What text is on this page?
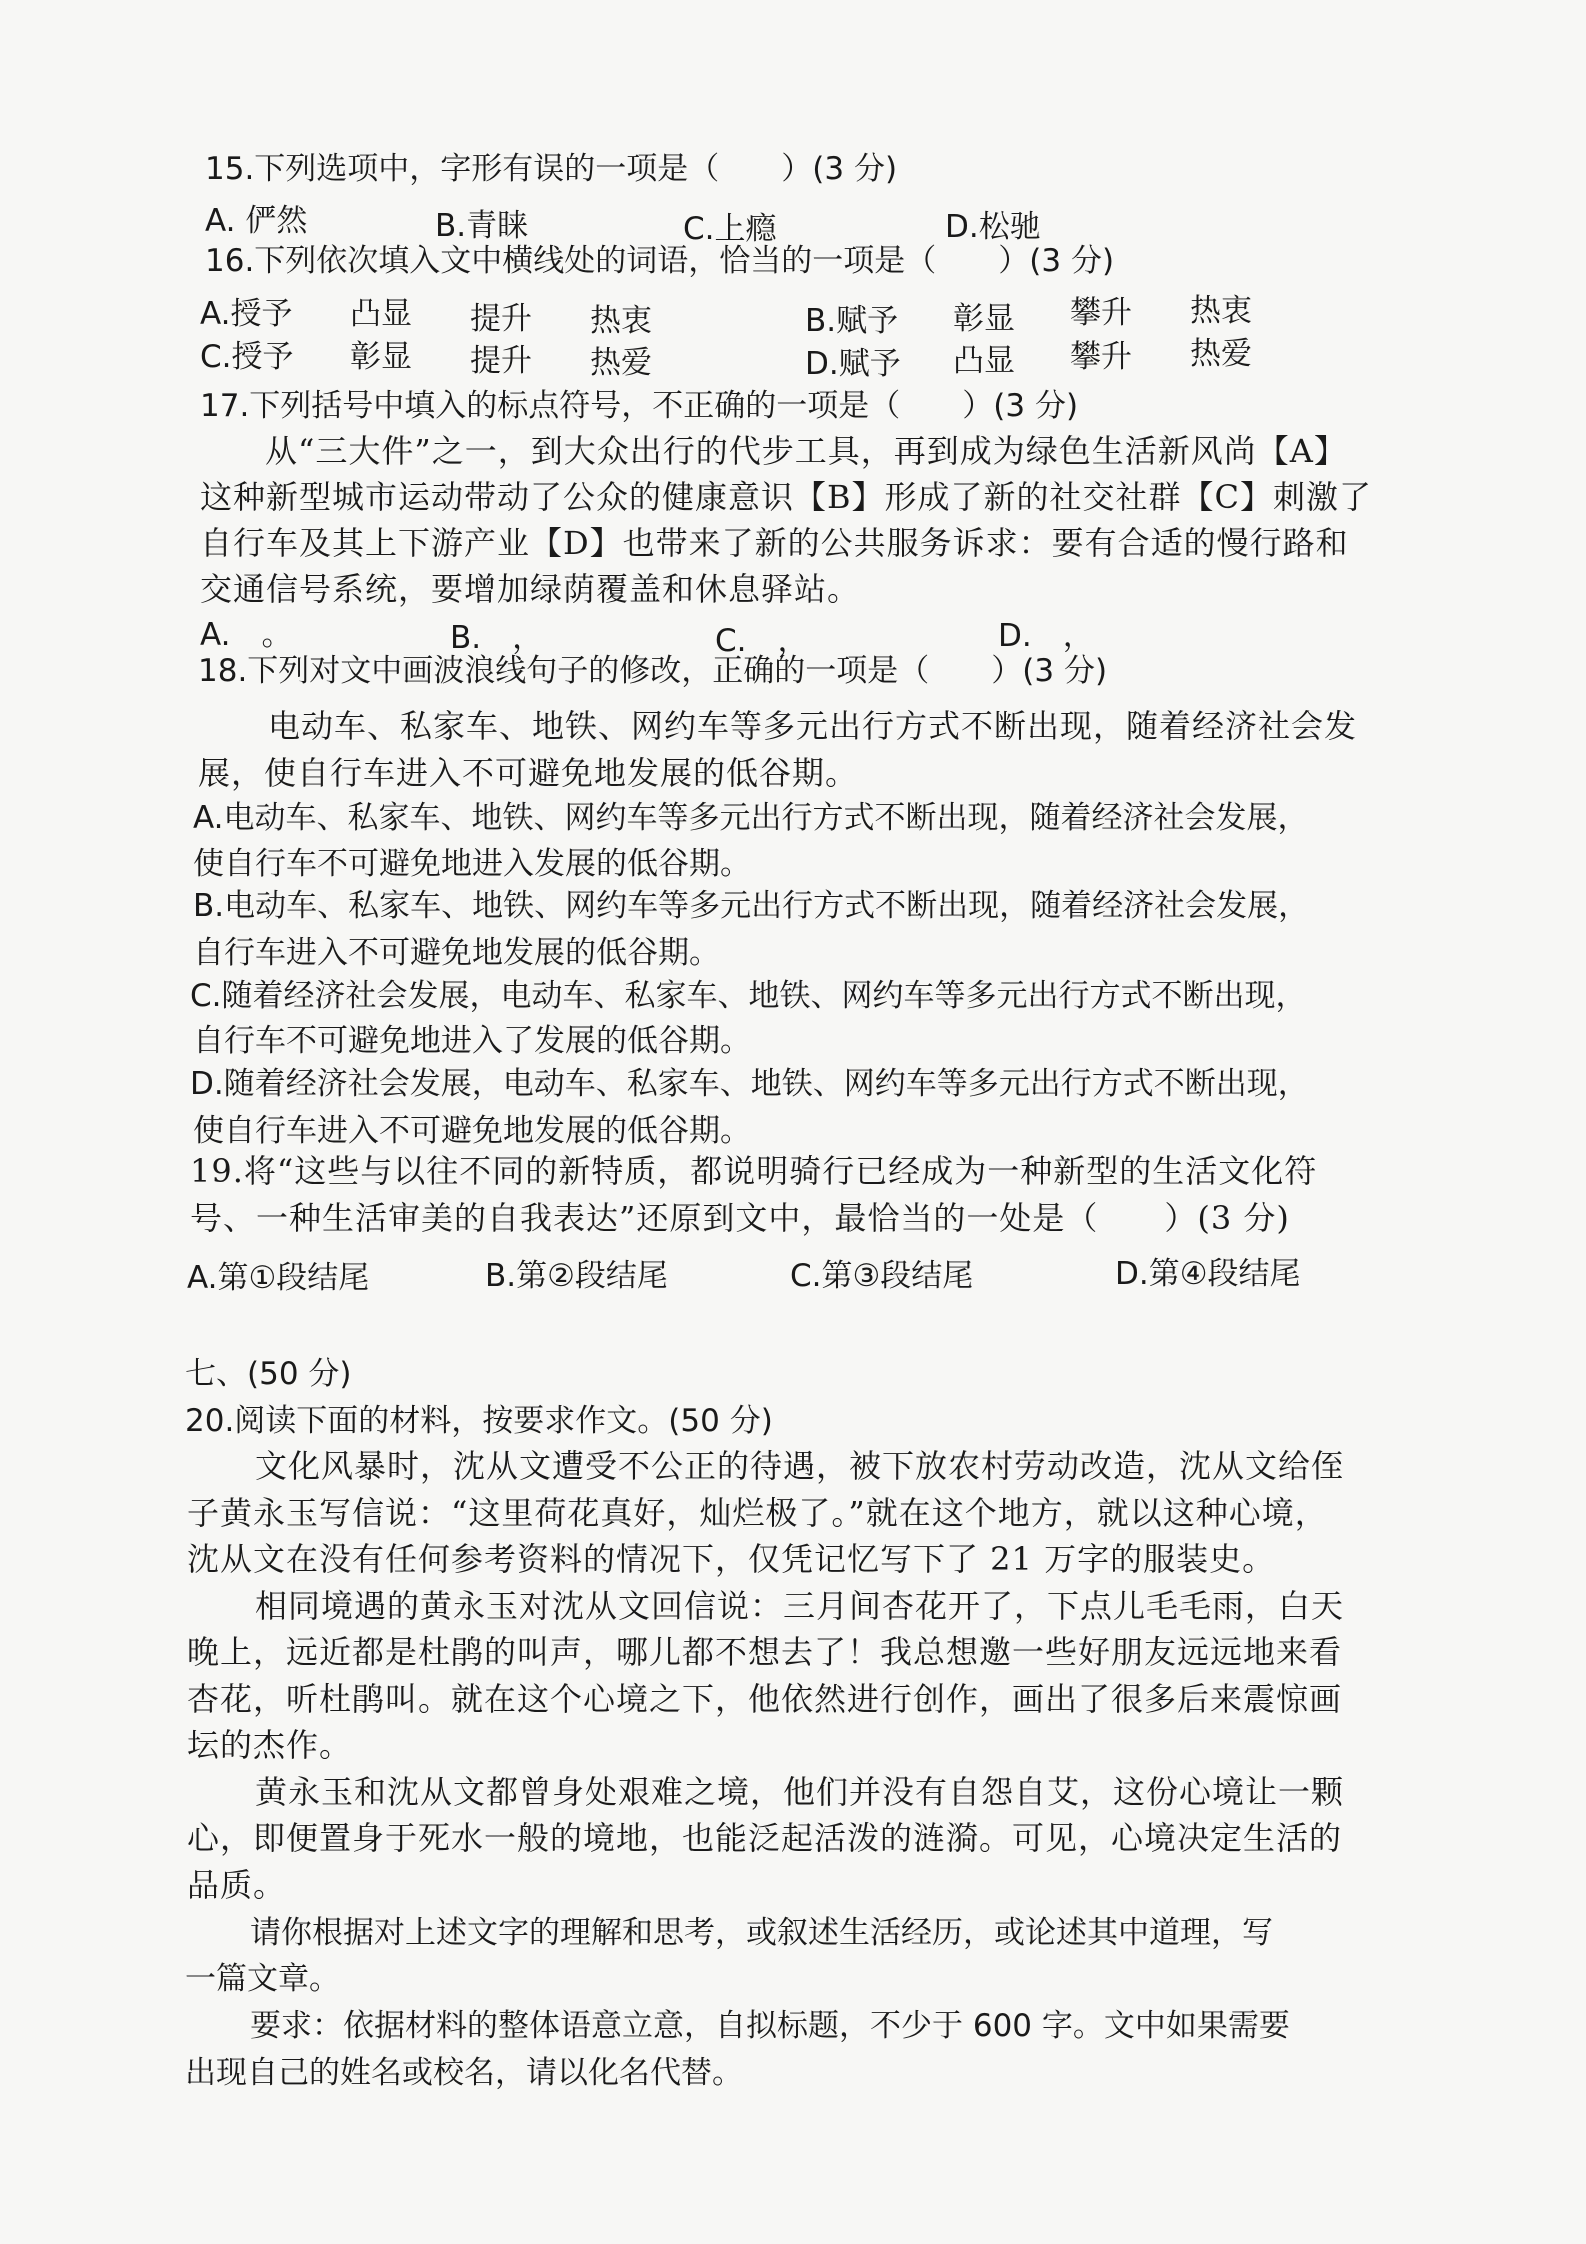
15.下列选项中，字形有误的一项是（　　）(3 分)
A. 俨然	B.青睐	C.上瘾	D.松驰
16.下列依次填入文中横线处的词语，恰当的一项是（　　）(3 分)
A.授予 凸显 提升 热衷	B.赋予 彰显 攀升 热衷
C.授予 彰显 提升 热爱	D.赋予 凸显 攀升 热爱
17.下列括号中填入的标点符号，不正确的一项是（　　）(3 分)
从“三大件”之一，到大众出行的代步工具，再到成为绿色生活新风尚【A】
这种新型城市运动带动了公众的健康意识【B】形成了新的社交社群【C】刺激了
自行车及其上下游产业【D】也带来了新的公共服务诉求：要有合适的慢行路和
交通信号系统，要增加绿荫覆盖和休息驿站。
A.　。	B.　，	C.　，	D.　，
18.下列对文中画波浪线句子的修改，正确的一项是（　　）(3 分)
电动车、私家车、地铁、网约车等多元出行方式不断出现，随着经济社会发
展，使自行车进入不可避免地发展的低谷期。
A.电动车、私家车、地铁、网约车等多元出行方式不断出现，随着经济社会发展，
使自行车不可避免地进入发展的低谷期。
B.电动车、私家车、地铁、网约车等多元出行方式不断出现，随着经济社会发展，
自行车进入不可避免地发展的低谷期。
C.随着经济社会发展，电动车、私家车、地铁、网约车等多元出行方式不断出现，
自行车不可避免地进入了发展的低谷期。
D.随着经济社会发展，电动车、私家车、地铁、网约车等多元出行方式不断出现，
使自行车进入不可避免地发展的低谷期。
19.将“这些与以往不同的新特质，都说明骑行已经成为一种新型的生活文化符
号、一种生活审美的自我表达”还原到文中，最恰当的一处是（　　）(3 分)
A.第①段结尾	B.第②段结尾	C.第③段结尾	D.第④段结尾
七、(50 分)
20.阅读下面的材料，按要求作文。(50 分)
文化风暴时，沈从文遭受不公正的待遇，被下放农村劳动改造，沈从文给侄
子黄永玉写信说：“这里荷花真好，灿烂极了。”就在这个地方，就以这种心境，
沈从文在没有任何参考资料的情况下，仅凭记忆写下了 21 万字的服装史。
相同境遇的黄永玉对沈从文回信说：三月间杏花开了，下点儿毛毛雨，白天
晚上，远近都是杜鹃的叫声，哪儿都不想去了！我总想邀一些好朋友远远地来看
杏花，听杜鹃叫。就在这个心境之下，他依然进行创作，画出了很多后来震惊画
坛的杰作。
黄永玉和沈从文都曾身处艰难之境，他们并没有自怨自艾，这份心境让一颗
心，即便置身于死水一般的境地，也能泛起活泼的涟漪。可见，心境决定生活的
品质。
请你根据对上述文字的理解和思考，或叙述生活经历，或论述其中道理，写
一篇文章。
要求：依据材料的整体语意立意，自拟标题，不少于 600 字。文中如果需要
出现自己的姓名或校名，请以化名代替。
